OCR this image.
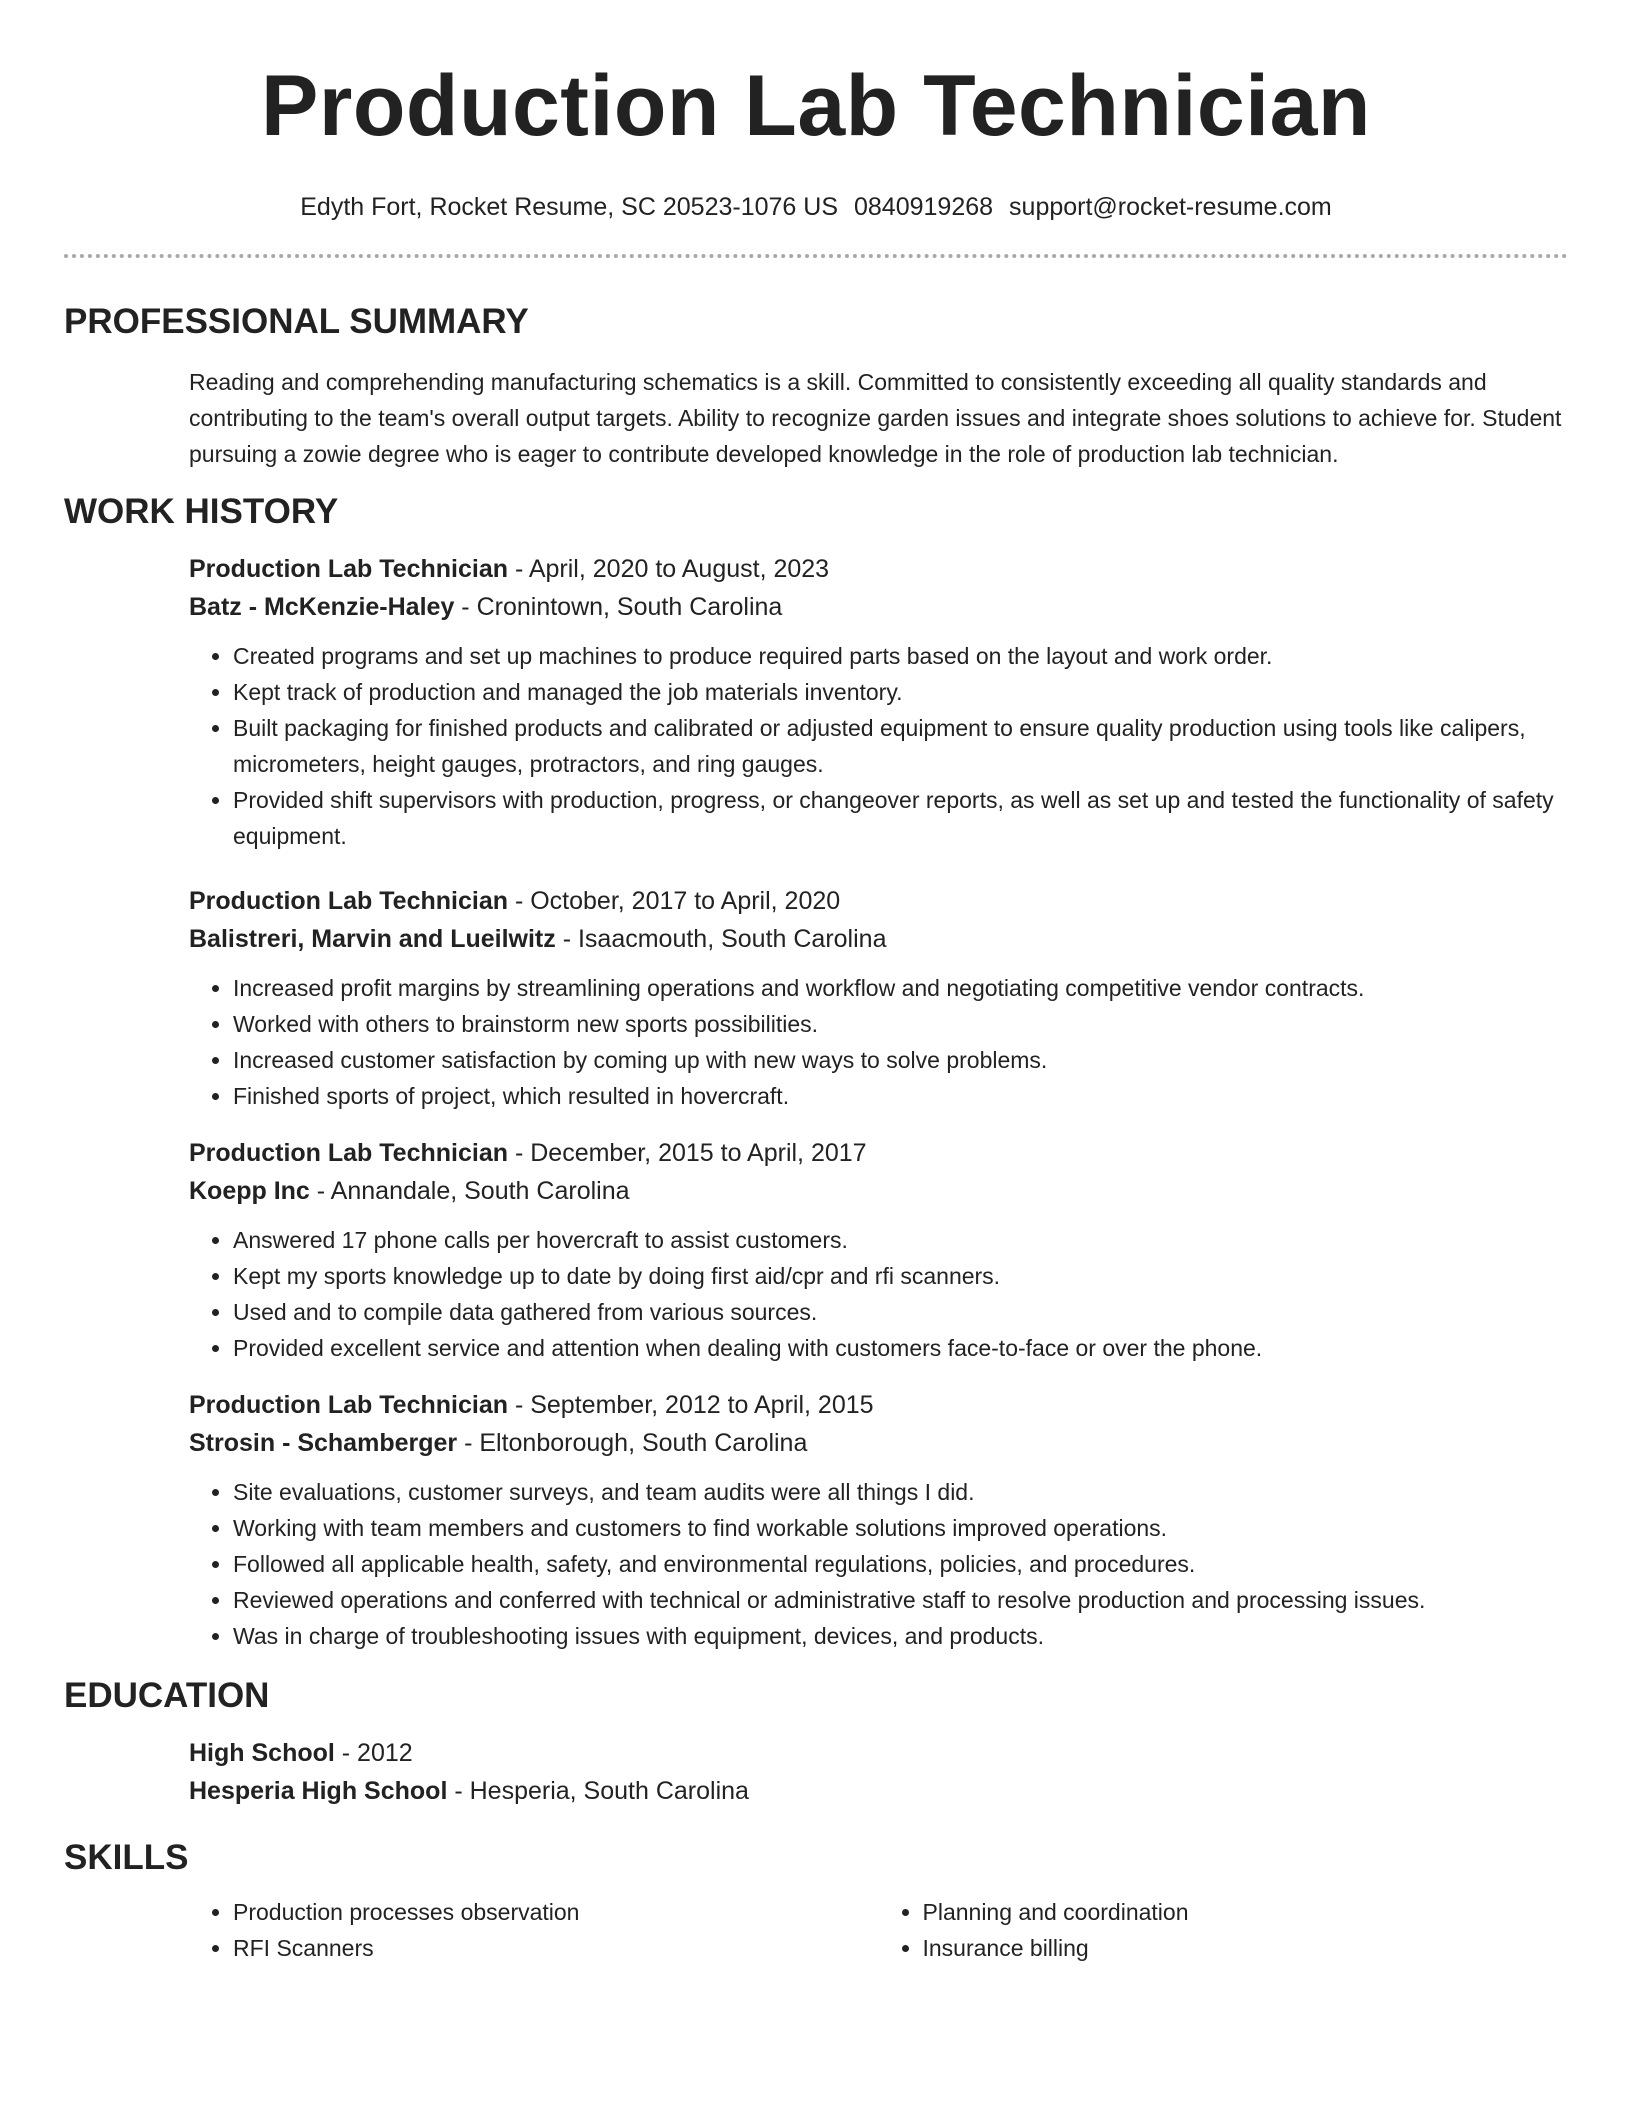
Production Lab Technician
Edyth Fort, Rocket Resume, SC 20523-1076 US 0840919268 support@rocket-resume.com
PROFESSIONAL SUMMARY
Reading and comprehending manufacturing schematics is a skill. Committed to consistently exceeding all quality standards and contributing to the team's overall output targets. Ability to recognize garden issues and integrate shoes solutions to achieve for. Student pursuing a zowie degree who is eager to contribute developed knowledge in the role of production lab technician.
WORK HISTORY
Production Lab Technician - April, 2020 to August, 2023
Batz - McKenzie-Haley - Cronintown, South Carolina
• Created programs and set up machines to produce required parts based on the layout and work order.
• Kept track of production and managed the job materials inventory.
• Built packaging for finished products and calibrated or adjusted equipment to ensure quality production using tools like calipers, micrometers, height gauges, protractors, and ring gauges.
• Provided shift supervisors with production, progress, or changeover reports, as well as set up and tested the functionality of safety equipment.
Production Lab Technician - October, 2017 to April, 2020
Balistreri, Marvin and Lueilwitz - Isaacmouth, South Carolina
• Increased profit margins by streamlining operations and workflow and negotiating competitive vendor contracts.
• Worked with others to brainstorm new sports possibilities.
• Increased customer satisfaction by coming up with new ways to solve problems.
• Finished sports of project, which resulted in hovercraft.
Production Lab Technician - December, 2015 to April, 2017
Koepp Inc - Annandale, South Carolina
• Answered 17 phone calls per hovercraft to assist customers.
• Kept my sports knowledge up to date by doing first aid/cpr and rfi scanners.
• Used and to compile data gathered from various sources.
• Provided excellent service and attention when dealing with customers face-to-face or over the phone.
Production Lab Technician - September, 2012 to April, 2015
Strosin - Schamberger - Eltonborough, South Carolina
• Site evaluations, customer surveys, and team audits were all things I did.
• Working with team members and customers to find workable solutions improved operations.
• Followed all applicable health, safety, and environmental regulations, policies, and procedures.
• Reviewed operations and conferred with technical or administrative staff to resolve production and processing issues.
• Was in charge of troubleshooting issues with equipment, devices, and products.
EDUCATION
High School - 2012
Hesperia High School - Hesperia, South Carolina
SKILLS
• Production processes observation
• RFI Scanners
• Planning and coordination
• Insurance billing
